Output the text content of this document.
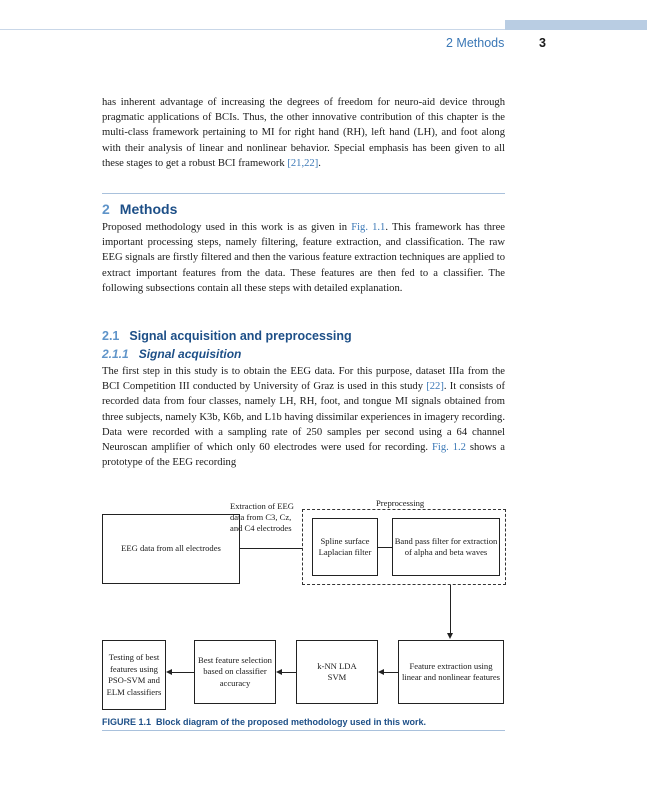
2 Methods	3

has inherent advantage of increasing the degrees of freedom for neuro-aid device through pragmatic applications of BCIs. Thus, the other innovative contribution of this chapter is the multi-class framework pertaining to MI for right hand (RH), left hand (LH), and foot along with their analysis of linear and nonlinear behavior. Special emphasis has been given to all these stages to get a robust BCI framework [21,22].

2 Methods

Proposed methodology used in this work is as given in Fig. 1.1. This framework has three important processing steps, namely filtering, feature extraction, and classification. The raw EEG signals are firstly filtered and then the various feature extraction techniques are applied to extract important features from the data. These features are then fed to a classifier. The following subsections contain all these steps with detailed explanation.

2.1 Signal acquisition and preprocessing
2.1.1 Signal acquisition

The first step in this study is to obtain the EEG data. For this purpose, dataset IIIa from the BCI Competition III conducted by University of Graz is used in this study [22]. It consists of recorded data from four classes, namely LH, RH, foot, and tongue MI signals obtained from three subjects, namely K3b, K6b, and L1b having dissimilar experiences in imagery recording. Data were recorded with a sampling rate of 250 samples per second using a 64 channel Neuroscan amplifier of which only 60 electrodes were used for recording. Fig. 1.2 shows a prototype of the EEG recording

EEG data from all electrodes
Extraction of EEG data from C3, Cz, and C4 electrodes
Preprocessing
Spline surface Laplacian filter
Band pass filter for extraction of alpha and beta waves
Feature extraction using linear and nonlinear features
k-NN LDA SVM
Best feature selection based on classifier accuracy
Testing of best features using PSO-SVM and ELM classifiers
FIGURE 1.1 Block diagram of the proposed methodology used in this work.
